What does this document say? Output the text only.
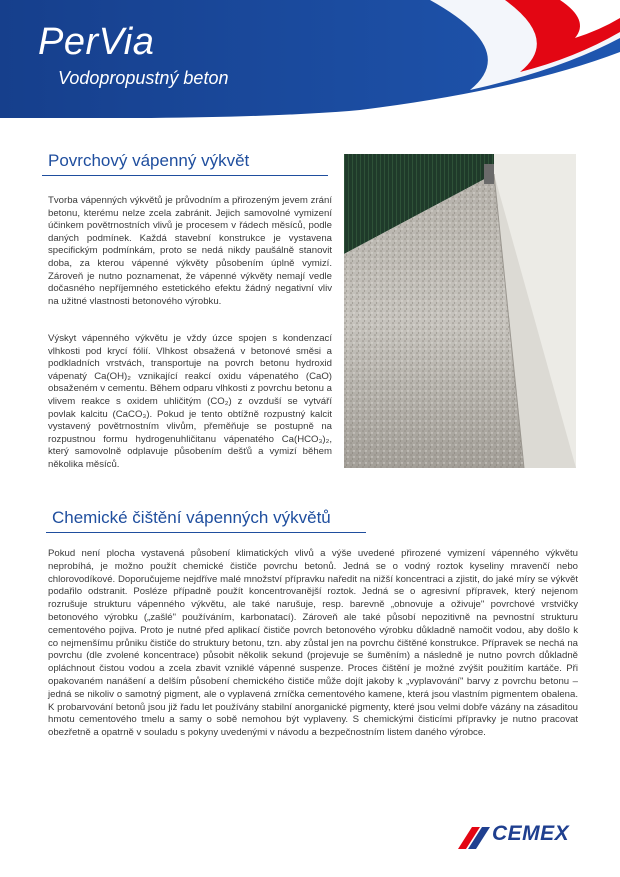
PerVia
Vodopropustný beton
Povrchový vápenný výkvět

Tvorba vápenných výkvětů je průvodním a přirozeným jevem zrání betonu, kterému nelze zcela zabránit. Jejich samovolné vymizení účinkem povětrnostních vlivů je procesem v řádech měsíců, podle daných podmínek. Každá stavební konstrukce je vystavena specifickým podmínkám, proto se nedá nikdy paušálně stanovit doba, za kterou vápenné výkvěty působením úplně vymizí. Zároveň je nutno poznamenat, že vápenné výkvěty nemají vedle dočasného nepříjemného estetického efektu žádný negativní vliv na užitné vlastnosti betonového výrobku.

Výskyt vápenného výkvětu je vždy úzce spojen s kondenzací vlhkosti pod krycí fólií. Vlhkost obsažená v betonové směsi a podkladních vrstvách, transportuje na povrch betonu hydroxid vápenatý Ca(OH)₂ vznikající reakcí oxidu vápenatého (CaO) obsaženém v cementu. Během odparu vlhkosti z povrchu betonu a vlivem reakce s oxidem uhličitým (CO₂) z ovzduší se vytváří povlak kalcitu (CaCO₃). Pokud je tento obtížně rozpustný kalcit vystavený povětrnostním vlivům, přeměňuje se postupně na rozpustnou formu hydrogenuhličitanu vápenatého Ca(HCO₃)₂, který samovolně odplavuje působením dešťů a vymizí během několika měsíců.

Chemické čištění vápenných výkvětů

Pokud není plocha vystavená působení klimatických vlivů a výše uvedené přirozené vymizení vápenného výkvětu neprobíhá, je možno použít chemické čističe povrchu betonů. Jedná se o vodný roztok kyseliny mravenčí nebo chlorovodíkové. Doporučujeme nejdříve malé množství přípravku naředit na nižší koncentraci a zjistit, do jaké míry se výkvět podařilo odstranit. Posléze případně použít koncentrovanější roztok. Jedná se o agresivní přípravek, který nejenom rozrušuje strukturu vápenného výkvětu, ale také narušuje, resp. barevně „obnovuje a oživuje" povrchové vrstvičky betonového výrobku („zašlé" používáním, karbonatací). Zároveň ale také působí nepozitivně na pevnostní strukturu cementového pojiva. Proto je nutné před aplikací čističe povrch betonového výrobku důkladně namočit vodou, aby došlo k co nejmenšímu průniku čističe do struktury betonu, tzn. aby zůstal jen na povrchu čištěné konstrukce. Přípravek se nechá na povrchu (dle zvolené koncentrace) působit několik sekund (projevuje se šuměním) a následně je nutno povrch důkladně opláchnout čistou vodou a zcela zbavit vzniklé vápenné suspenze. Proces čištění je možné zvýšit použitím kartáče. Při opakovaném nanášení a delším působení chemického čističe může dojít jakoby k „vyplavování" barvy z povrchu betonu – jedná se nikoliv o samotný pigment, ale o vyplavená zrníčka cementového kamene, která jsou vlastním pigmentem obalena. K probarvování betonů jsou již řadu let používány stabilní anorganické pigmenty, které jsou velmi dobře vázány na zásaditou hmotu cementového tmelu a samy o sobě nemohou být vyplaveny. S chemickými čisticími přípravky je nutno pracovat obezřetně a opatrně v souladu s pokyny uvedenými v návodu a bezpečnostním listem daného výrobce.

CEMEX
